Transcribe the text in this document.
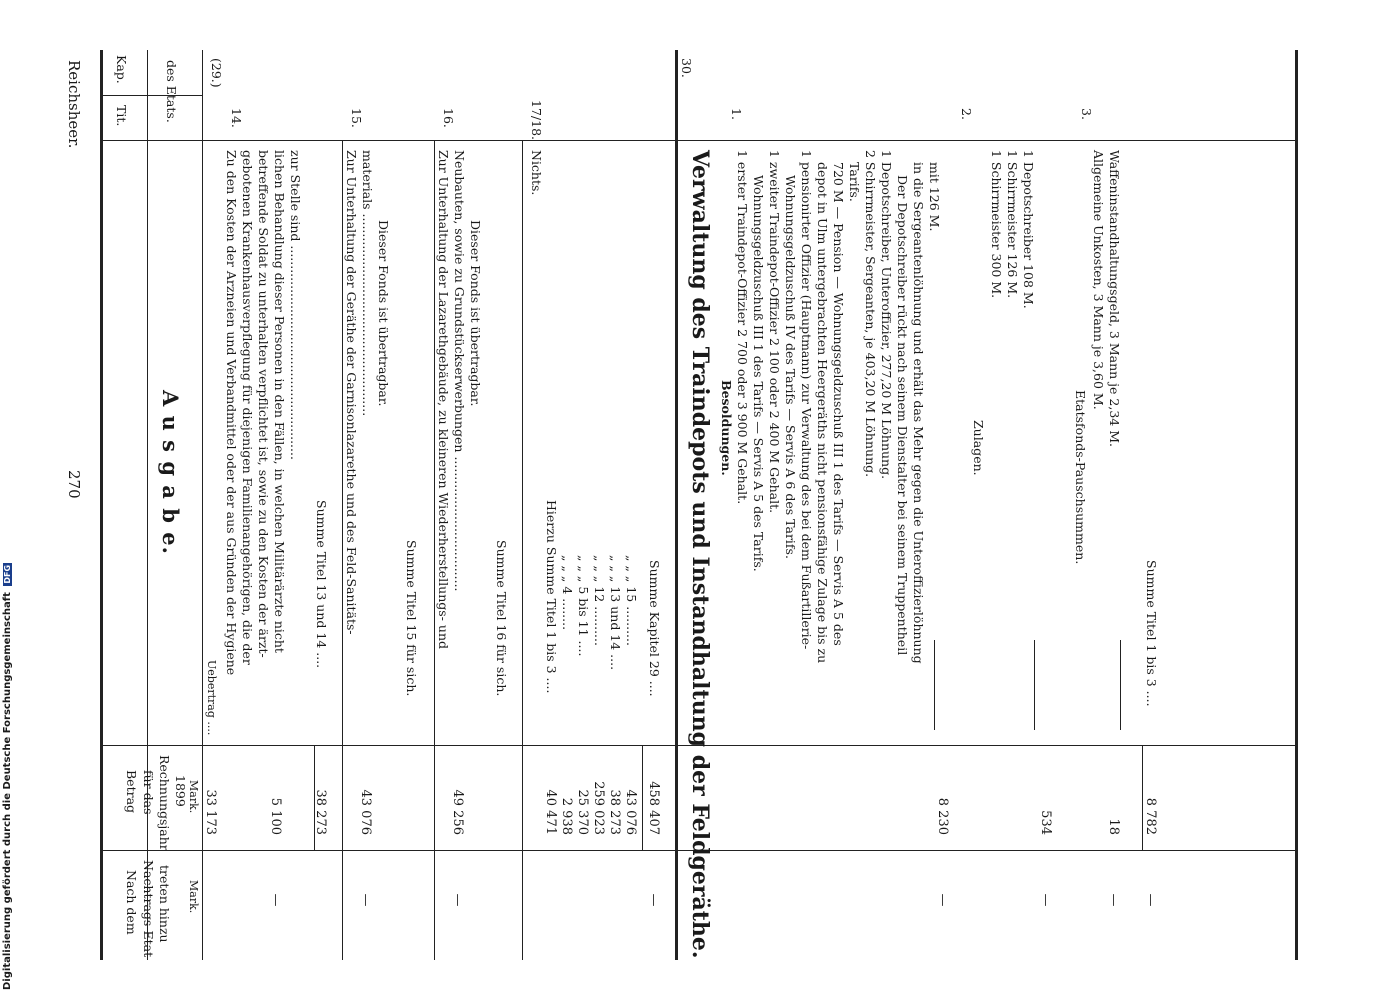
Digitalisierung gefördert durch die Deutsche Forschungsgemeinschaft DFG
Reichsheer.
270
Kap.
Tit.	des Etats.
A u s g a b e.
Betrag für das Rechnungsjahr 1899
Nach dem Nachtrags-Etat treten hinzu
Mark.
Mark.
(29.)
14.
Uebertrag ....
33 173
Zu den Kosten der Arzneien und Verbandmittel oder der aus Gründen der Hygiene gebotenen Krankenhausverpflegung für diejenigen Familienangehörigen, die der betreffende Soldat zu unterhalten verpflichtet ist, sowie zu den Kosten der ärzt- lichen Behandlung dieser Personen in den Fällen, in welchen Militärärzte nicht zur Stelle sind ......................................................
5 100
—
Summe Titel 13 und 14 ....
38 273
15.
Zur Unterhaltung der Geräthe der Garnisonlazarethe und des Feld-Sanitäts- materials ................................................... Dieser Fonds ist übertragbar.
Summe Titel 15 für sich.
43 076
—
16.
Zur Unterhaltung der Lazarethgebäude, zu kleineren Wiederherstellungs- und Neubauten, sowie zu Grundstückserwerbungen .................................. Dieser Fonds ist übertragbar.
Summe Titel 16 für sich.
49 256
—
17/18.
Nichts.
Hierzu Summe Titel 1 bis 3 ....
40 471
„ „ „ 4 ........
2 938
„ „ „ 5 bis 11 ....
25 370
„ „ „ 12 ..........
259 023
„ „ „ 13 und 14 ....
38 273
„ „ „ 15 ..........
43 076
Summe Kapitel 29 ....
458 407
—
30.
Verwaltung des Traindepots und Instandhaltung der Feldgeräthe.
1.
Besoldungen. 1 erster Traindepot-Offizier 2 700 oder 3 900 M Gehalt. Wohnungsgeldzuschuß III 1 des Tarifs — Servis A 5 des Tarifs. 1 zweiter Traindepot-Offizier 2 100 oder 2 400 M Gehalt. Wohnungsgeldzuschuß IV des Tarifs — Servis A 6 des Tarifs. 1 pensionirter Offizier (Hauptmann) zur Verwaltung des bei dem Fußartillerie- depot in Ulm untergebrachten Heergeräths nicht pensionsfähige Zulage bis zu 720 M — Pension — Wohnungsgeldzuschuß III 1 des Tarifs — Servis A 5 des Tarifs. 2 Schirrmeister, Sergeanten, je 403,20 M Löhnung. 1 Depotschreiber, Unteroffizier, 277,20 M Löhnung. Der Depotschreiber rückt nach seinem Dienstalter bei seinem Truppentheil in die Sergeantenlöhnung und erhält das Mehr gegen die Unteroffizierlöhnung mit 126 M.
8 230
—
2.
Zulagen.
1 Schirrmeister 300 M. 1 Schirrmeister 126 M. 1 Depotschreiber 108 M.
534
—
3.
Etatsfonds-Pauschsummen.
Allgemeine Unkosten, 3 Mann je 3,60 M. Waffeninstandhaltungsgeld, 3 Mann je 2,34 M.
18
—
Summe Titel 1 bis 3 ....
8 782
—
